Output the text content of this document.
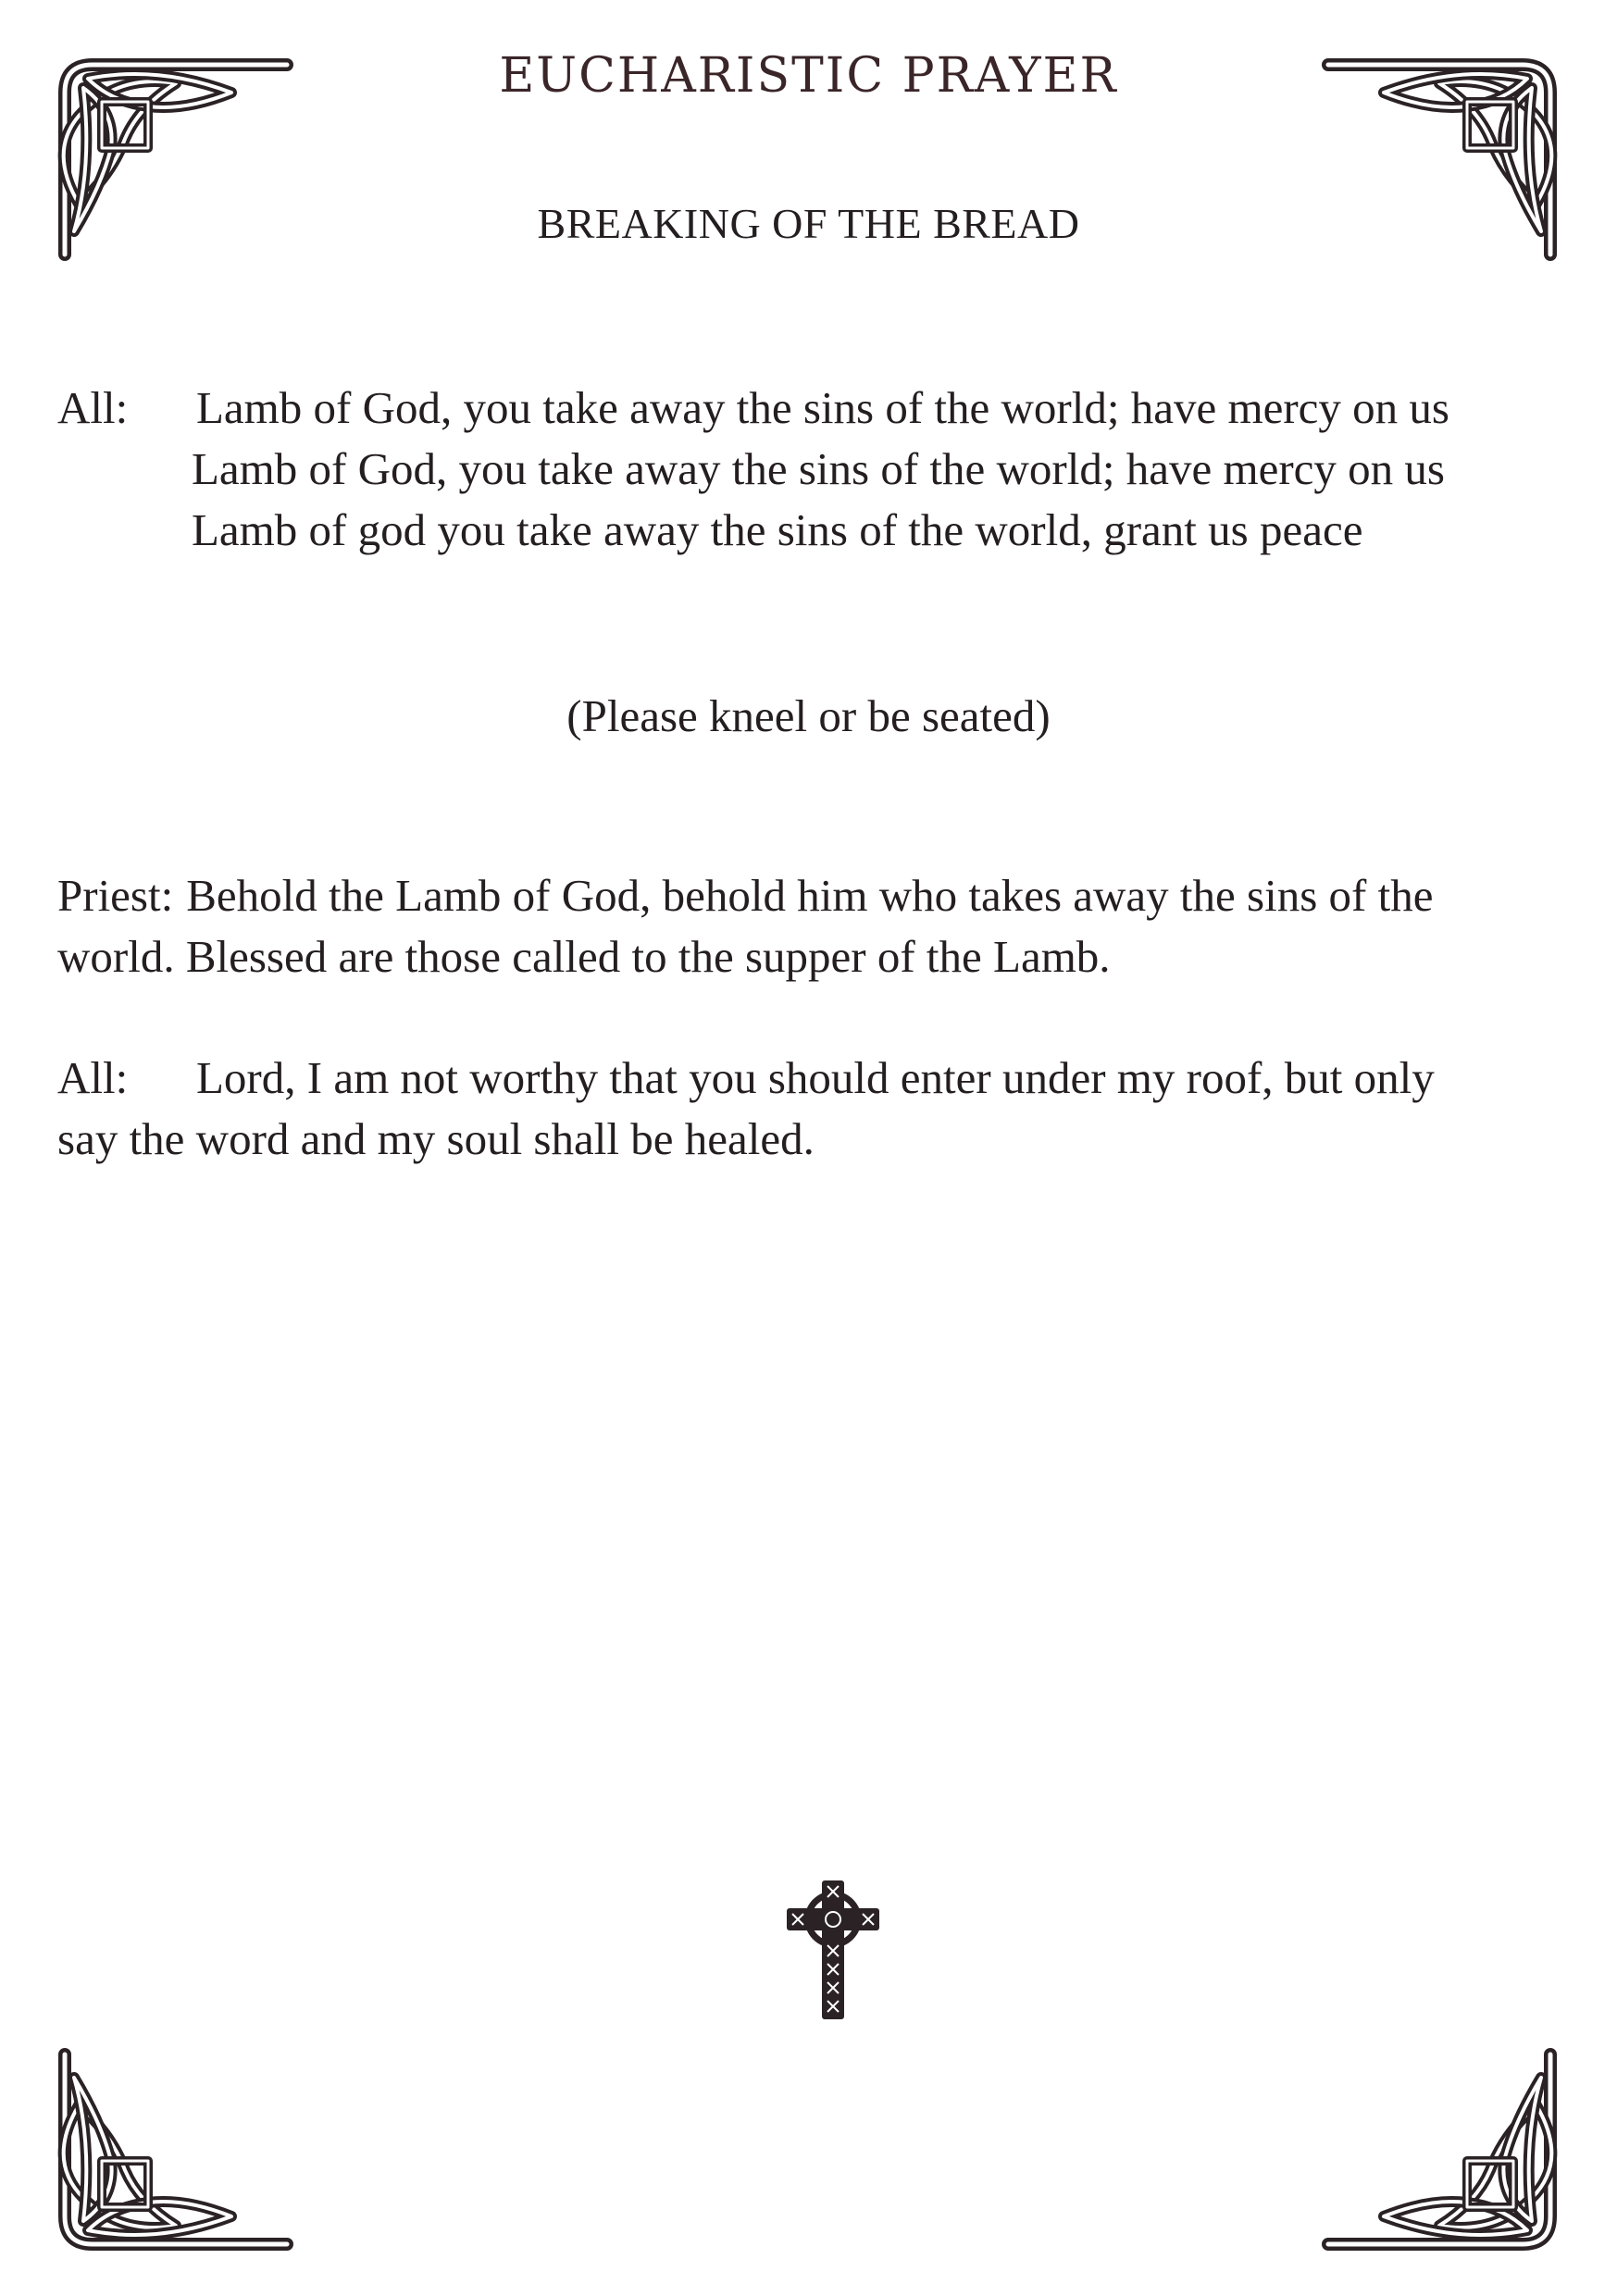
EUCHARISTIC PRAYER
BREAKING OF THE BREAD
All: Lamb of God, you take away the sins of the world; have mercy on us
Lamb of God, you take away the sins of the world; have mercy on us
Lamb of god you take away the sins of the world, grant us peace
(Please kneel or be seated)
Priest: Behold the Lamb of God, behold him who takes away the sins of the
world. Blessed are those called to the supper of the Lamb.
All: Lord, I am not worthy that you should enter under my roof, but only
say the word and my soul shall be healed.
